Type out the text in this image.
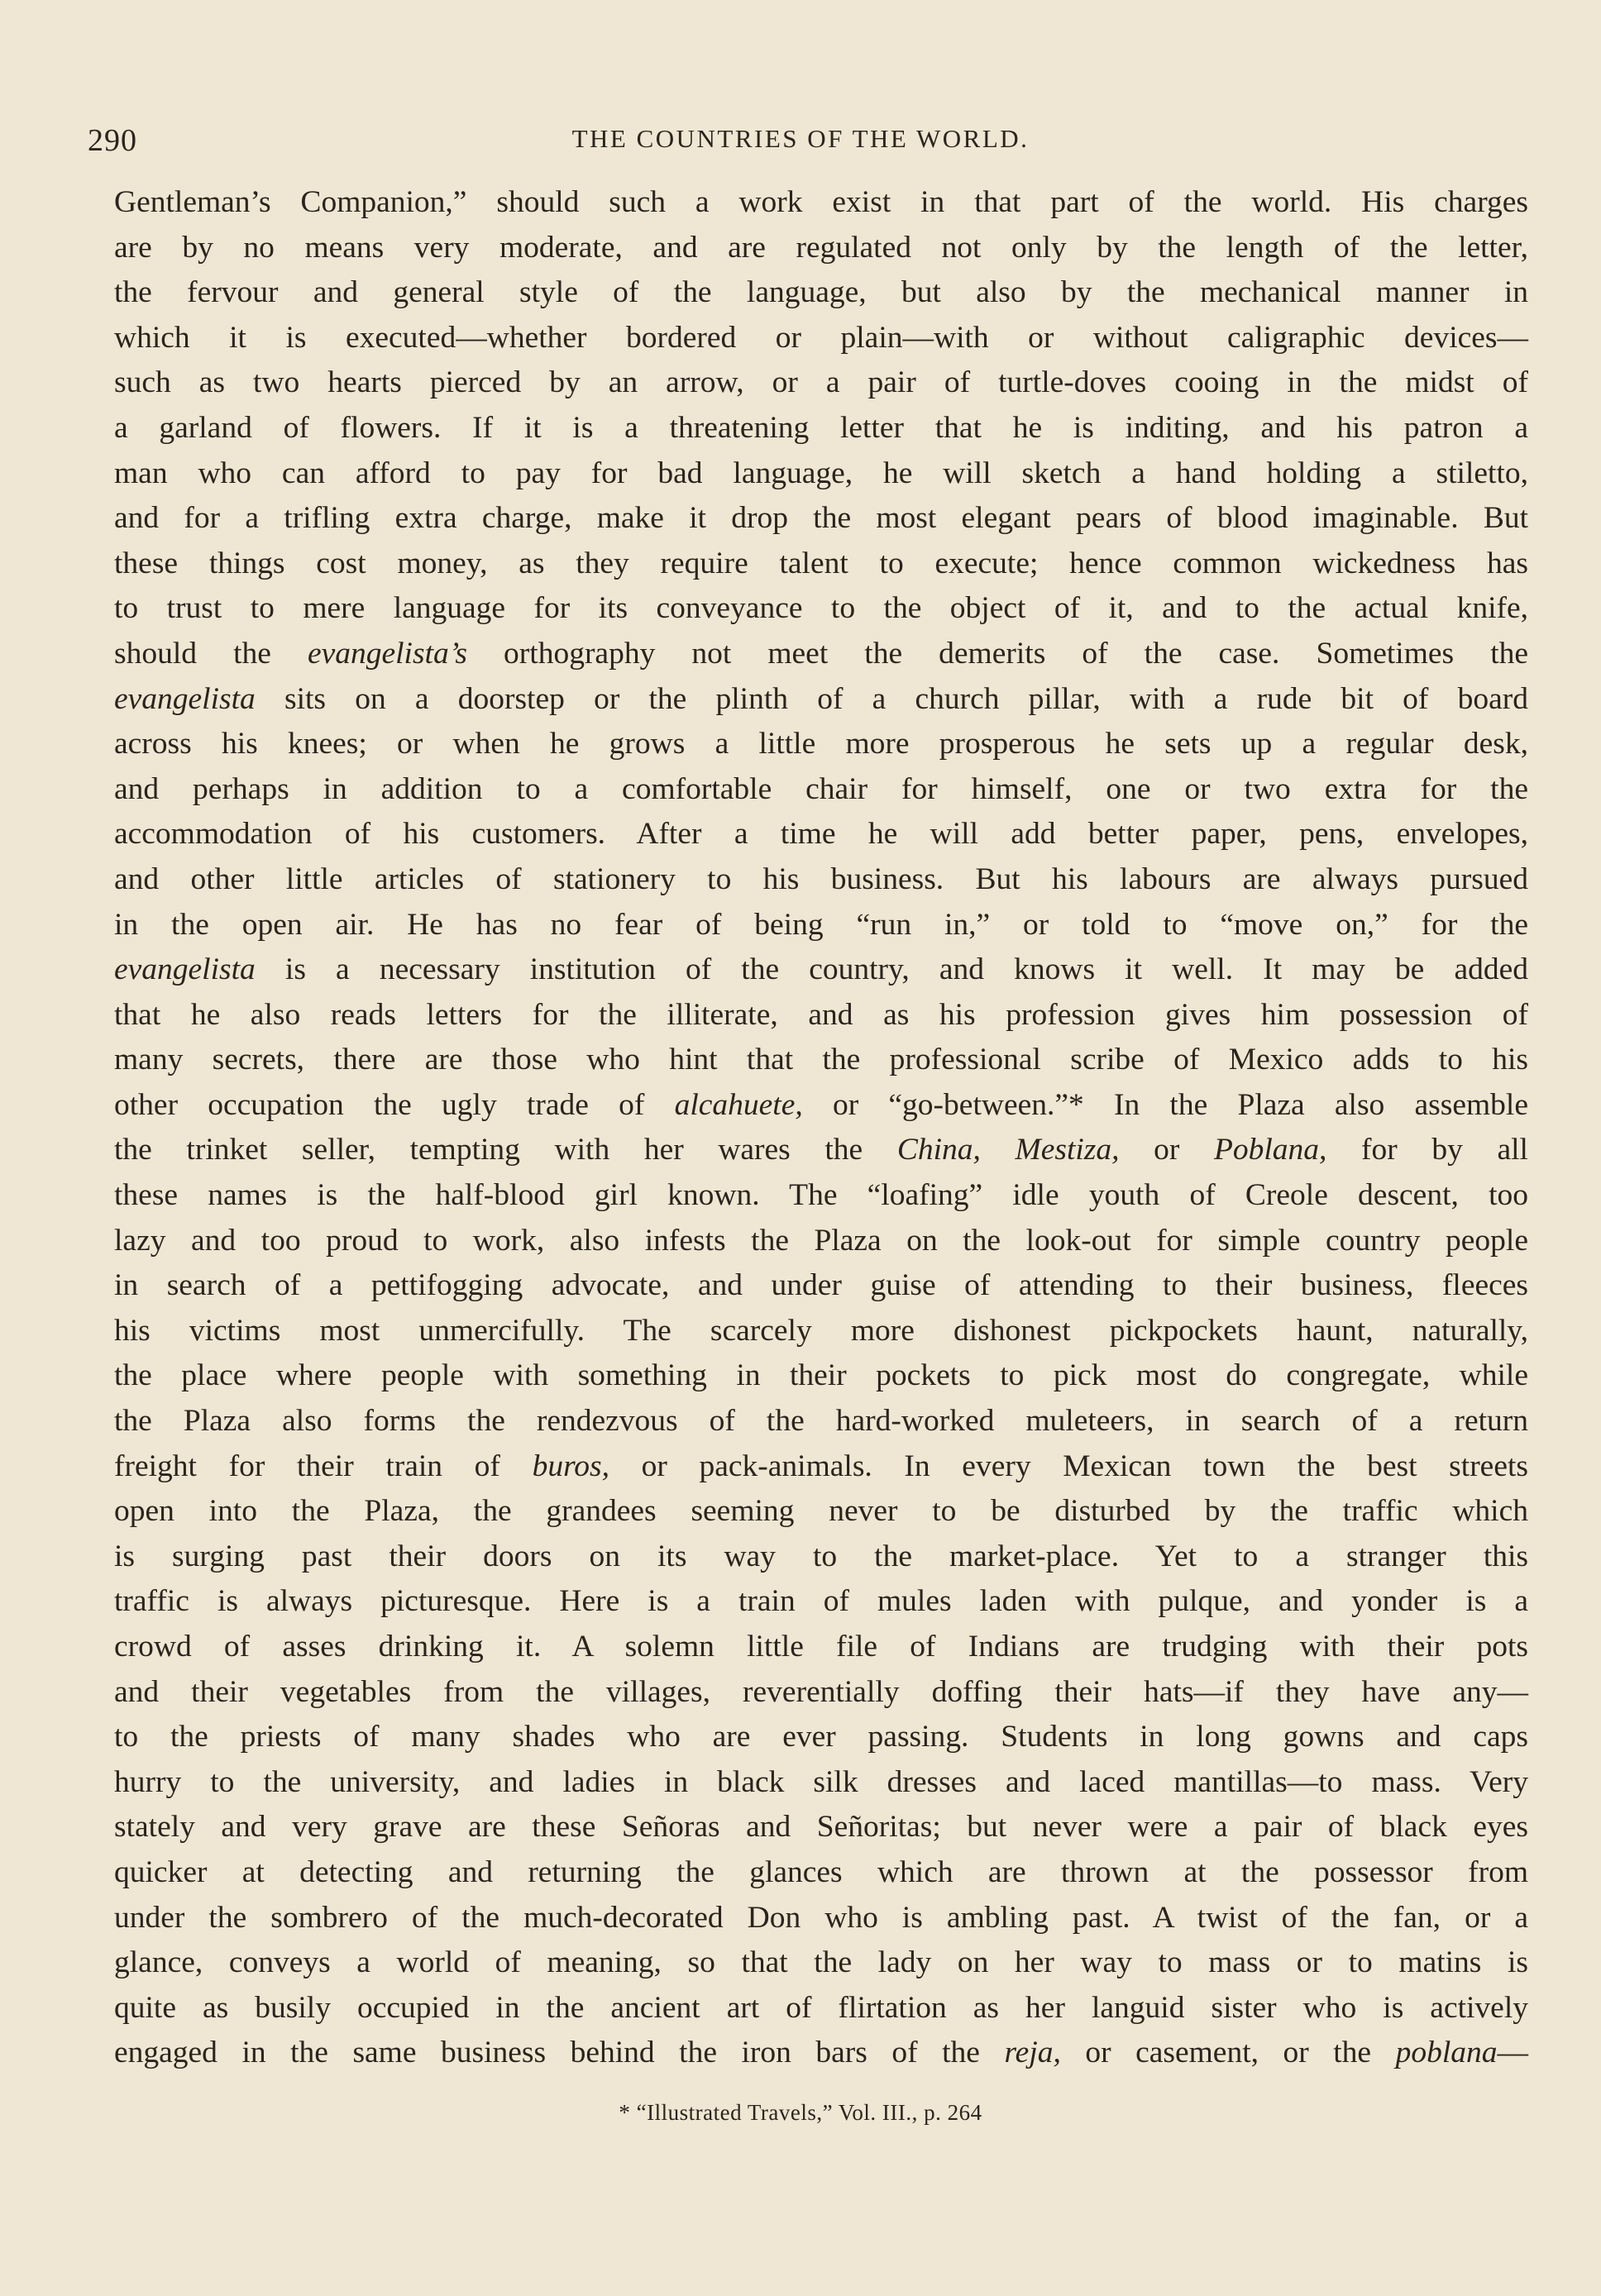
290	THE COUNTRIES OF THE WORLD.
Gentleman’s Companion,” should such a work exist in that part of the world. His charges
are by no means very moderate, and are regulated not only by the length of the letter,
the fervour and general style of the language, but also by the mechanical manner in
which it is executed—whether bordered or plain—with or without caligraphic devices—
such as two hearts pierced by an arrow, or a pair of turtle-doves cooing in the midst of
a garland of flowers. If it is a threatening letter that he is inditing, and his patron a
man who can afford to pay for bad language, he will sketch a hand holding a stiletto,
and for a trifling extra charge, make it drop the most elegant pears of blood imaginable. But
these things cost money, as they require talent to execute; hence common wickedness has
to trust to mere language for its conveyance to the object of it, and to the actual knife,
should the evangelista’s orthography not meet the demerits of the case. Sometimes the
evangelista sits on a doorstep or the plinth of a church pillar, with a rude bit of board
across his knees; or when he grows a little more prosperous he sets up a regular desk,
and perhaps in addition to a comfortable chair for himself, one or two extra for the
accommodation of his customers. After a time he will add better paper, pens, envelopes,
and other little articles of stationery to his business. But his labours are always pursued
in the open air. He has no fear of being “run in,” or told to “move on,” for the
evangelista is a necessary institution of the country, and knows it well. It may be added
that he also reads letters for the illiterate, and as his profession gives him possession of
many secrets, there are those who hint that the professional scribe of Mexico adds to his
other occupation the ugly trade of alcahuete, or “go-between.”* In the Plaza also assemble
the trinket seller, tempting with her wares the China, Mestiza, or Poblana, for by all
these names is the half-blood girl known. The “loafing” idle youth of Creole descent, too
lazy and too proud to work, also infests the Plaza on the look-out for simple country people
in search of a pettifogging advocate, and under guise of attending to their business, fleeces
his victims most unmercifully. The scarcely more dishonest pickpockets haunt, naturally,
the place where people with something in their pockets to pick most do congregate, while
the Plaza also forms the rendezvous of the hard-worked muleteers, in search of a return
freight for their train of buros, or pack-animals. In every Mexican town the best streets
open into the Plaza, the grandees seeming never to be disturbed by the traffic which
is surging past their doors on its way to the market-place. Yet to a stranger this
traffic is always picturesque. Here is a train of mules laden with pulque, and yonder is a
crowd of asses drinking it. A solemn little file of Indians are trudging with their pots
and their vegetables from the villages, reverentially doffing their hats—if they have any—
to the priests of many shades who are ever passing. Students in long gowns and caps
hurry to the university, and ladies in black silk dresses and laced mantillas—to mass. Very
stately and very grave are these Señoras and Señoritas; but never were a pair of black eyes
quicker at detecting and returning the glances which are thrown at the possessor from
under the sombrero of the much-decorated Don who is ambling past. A twist of the fan, or a
glance, conveys a world of meaning, so that the lady on her way to mass or to matins is
quite as busily occupied in the ancient art of flirtation as her languid sister who is actively
engaged in the same business behind the iron bars of the reja, or casement, or the poblana—
* “Illustrated Travels,” Vol. III., p. 264
